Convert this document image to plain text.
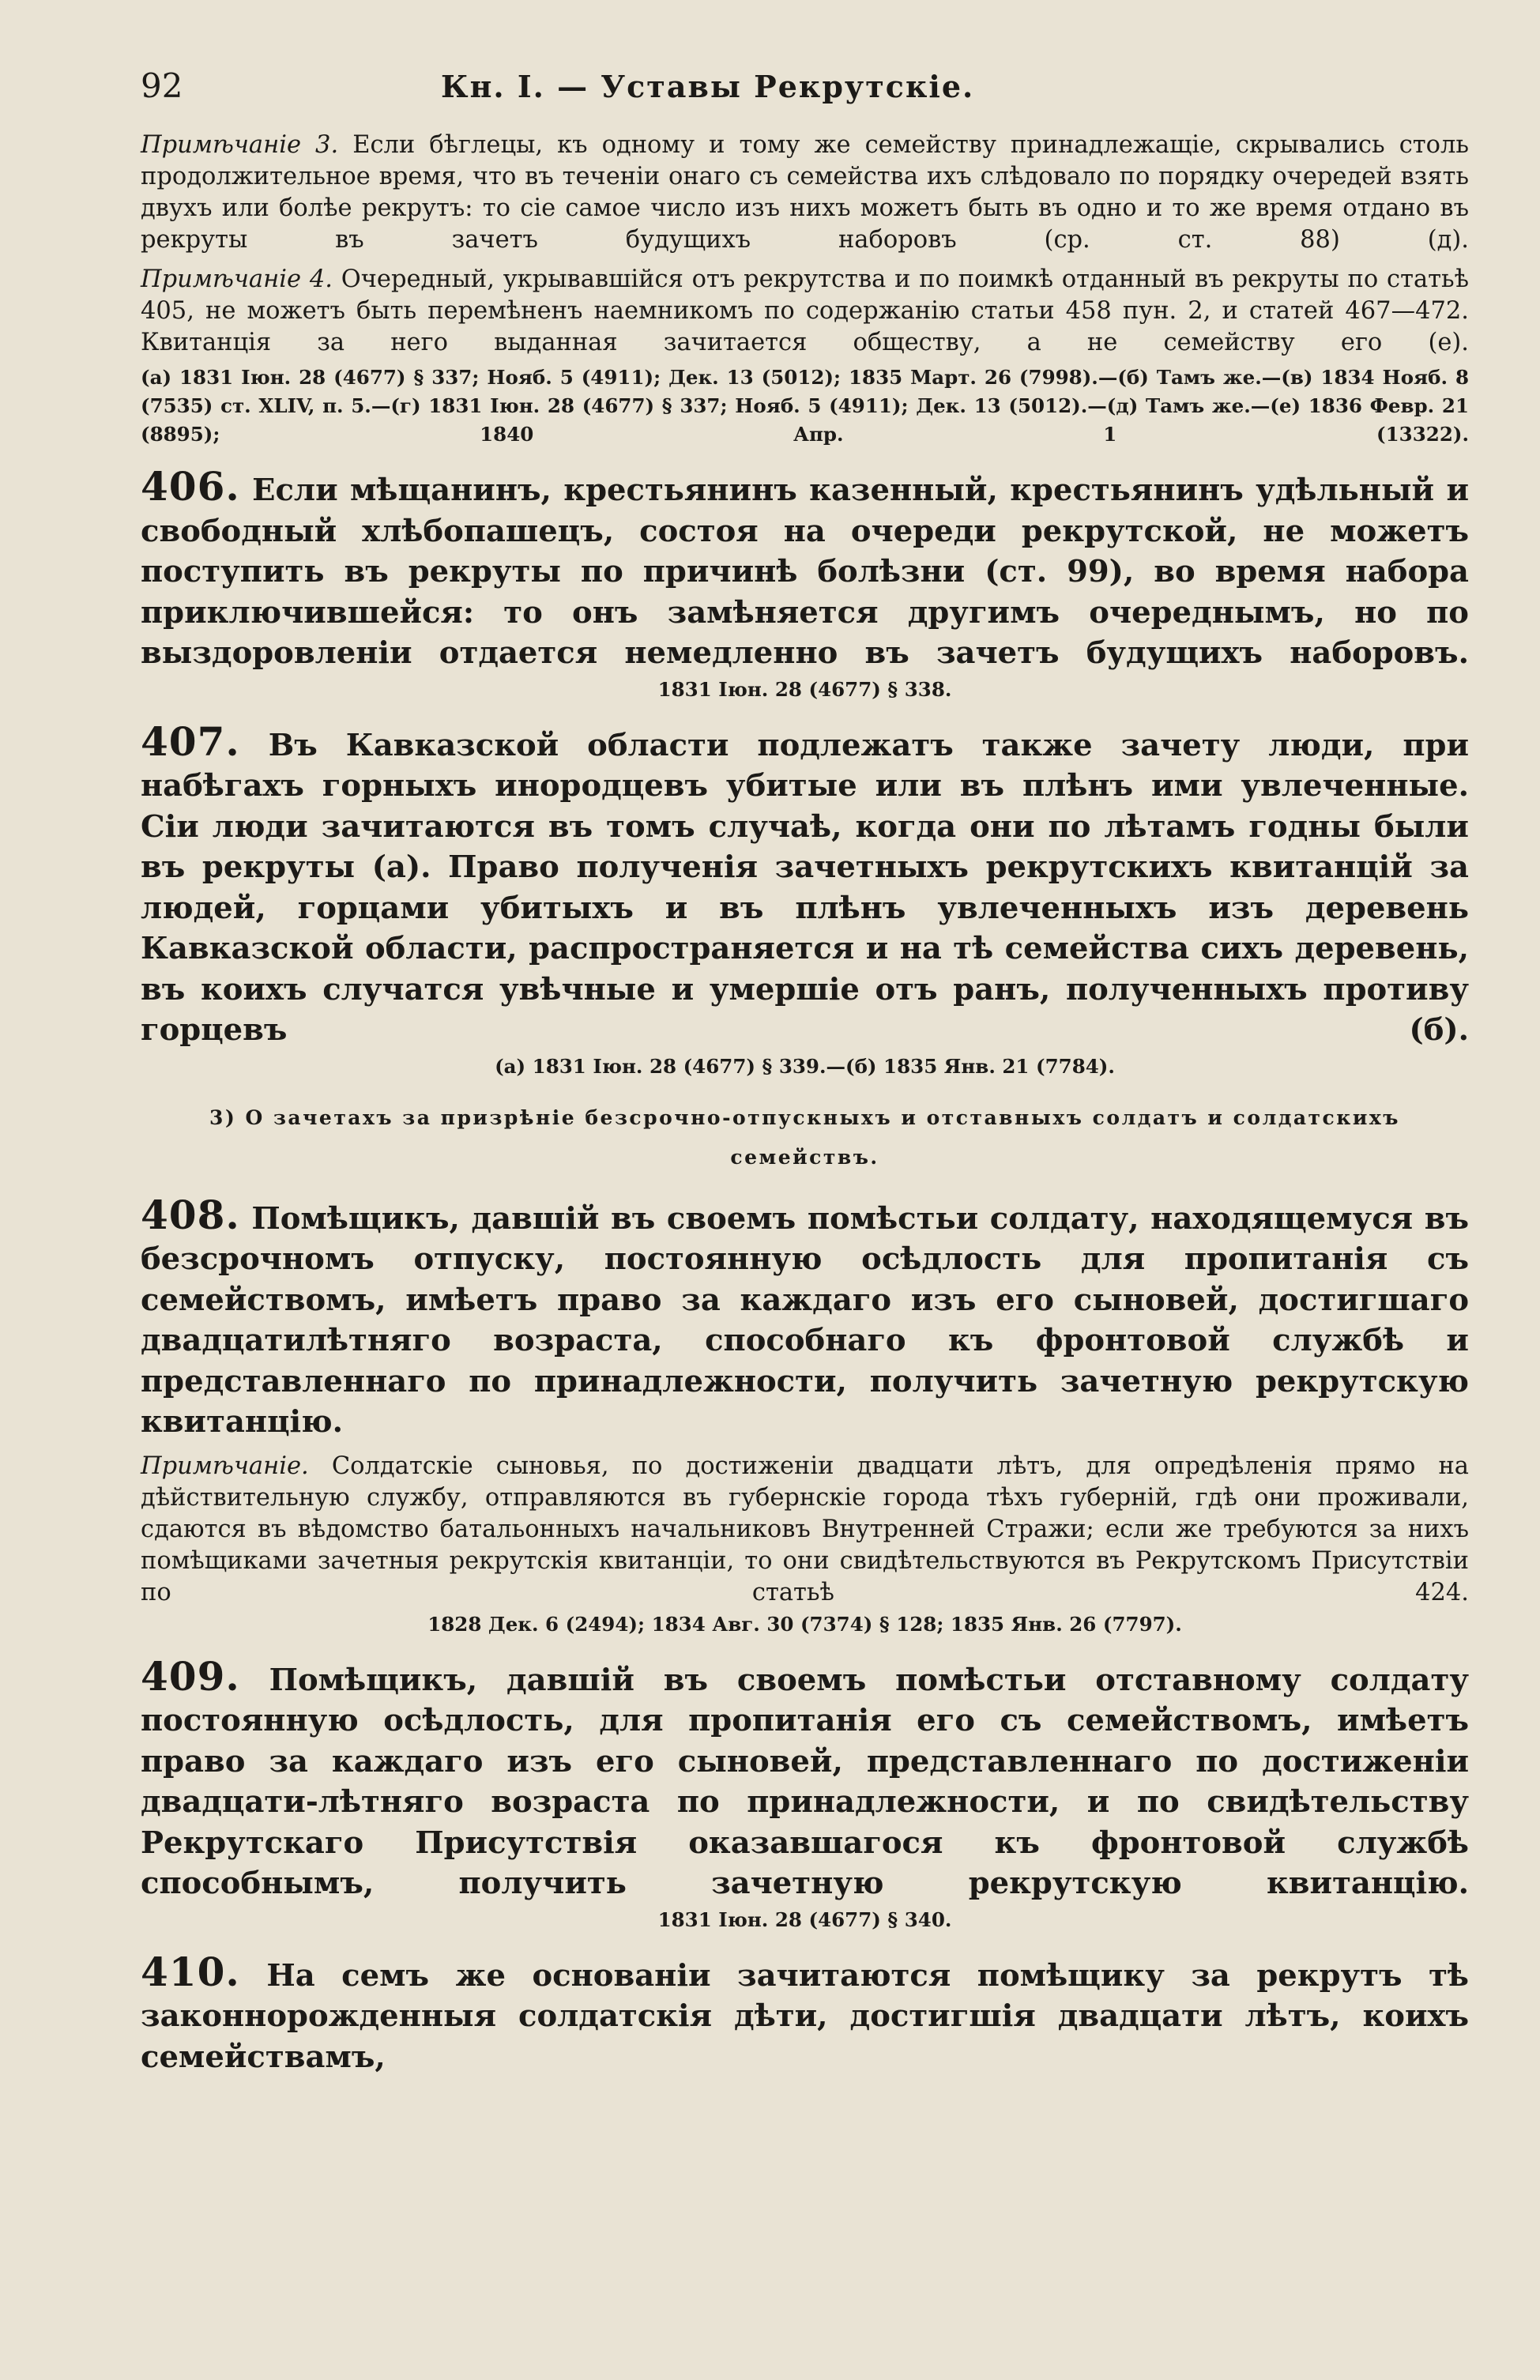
92	Кн. I. — Уставы Рекрутскiе.

Примѣчанiе 3. Если бѣглецы, къ одному и тому же семейству принадлежащiе, скрывались столь продолжительное время, что въ теченiи онаго съ семейства ихъ слѣдовало по порядку очередей взять двухъ или болѣе рекрутъ: то сiе самое число изъ нихъ можетъ быть въ одно и то же время отдано въ рекруты въ зачетъ будущихъ наборовъ (ср. ст. 88) (д).

Примѣчанiе 4. Очередный, укрывавшiйся отъ рекрутства и по поимкѣ отданный въ рекруты по статьѣ 405, не можетъ быть перемѣненъ наемникомъ по содержанiю статьи 458 пун. 2, и статей 467—472. Квитанцiя за него выданная зачитается обществу, а не семейству его (е).

(а) 1831 Iюн. 28 (4677) § 337; Нояб. 5 (4911); Дек. 13 (5012); 1835 Март. 26 (7998).—(б) Тамъ же.—(в) 1834 Нояб. 8 (7535) ст. XLIV, п. 5.—(г) 1831 Iюн. 28 (4677) § 337; Нояб. 5 (4911); Дек. 13 (5012).—(д) Тамъ же.—(е) 1836 Февр. 21 (8895); 1840 Апр. 1 (13322).

406. Если мѣщанинъ, крестьянинъ казенный, крестьянинъ удѣльный и свободный хлѣбопашецъ, состоя на очереди рекрутской, не можетъ поступить въ рекруты по причинѣ болѣзни (ст. 99), во время набора приключившейся: то онъ замѣняется другимъ очереднымъ, но по выздоровленiи отдается немедленно въ зачетъ будущихъ наборовъ.

1831 Iюн. 28 (4677) § 338.

407. Въ Кавказской области подлежатъ также зачету люди, при набѣгахъ горныхъ инородцевъ убитые или въ плѣнъ ими увлеченные. Сiи люди зачитаются въ томъ случаѣ, когда они по лѣтамъ годны были въ рекруты (а). Право полученiя зачетныхъ рекрутскихъ квитанцiй за людей, горцами убитыхъ и въ плѣнъ увлеченныхъ изъ деревень Кавказской области, распространяется и на тѣ семейства сихъ деревень, въ коихъ случатся увѣчные и умершiе отъ ранъ, полученныхъ противу горцевъ (б).

(а) 1831 Iюн. 28 (4677) § 339.—(б) 1835 Янв. 21 (7784).

3) О зачетахъ за призрѣнiе безсрочно-отпускныхъ и отставныхъ солдатъ и солдатскихъ семействъ.

408. Помѣщикъ, давшiй въ своемъ помѣстьи солдату, находящемуся въ безсрочномъ отпуску, постоянную осѣдлость для пропитанiя съ семействомъ, имѣетъ право за каждаго изъ его сыновей, достигшаго двадцатилѣтняго возраста, способнаго къ фронтовой службѣ и представленнаго по принадлежности, получить зачетную рекрутскую квитанцiю.

Примѣчанiе. Солдатскiе сыновья, по достиженiи двадцати лѣтъ, для опредѣленiя прямо на дѣйствительную службу, отправляются въ губернскiе города тѣхъ губернiй, гдѣ они проживали, сдаются въ вѣдомство батальонныхъ начальниковъ Внутренней Стражи; если же требуются за нихъ помѣщиками зачетныя рекрутскiя квитанцiи, то они свидѣтельствуются въ Рекрутскомъ Присутствiи по статьѣ 424.

1828 Дек. 6 (2494); 1834 Авг. 30 (7374) § 128; 1835 Янв. 26 (7797).

409. Помѣщикъ, давшiй въ своемъ помѣстьи отставному солдату постоянную осѣдлость, для пропитанiя его съ семействомъ, имѣетъ право за каждаго изъ его сыновей, представленнаго по достиженiи двадцати-лѣтняго возраста по принадлежности, и по свидѣтельству Рекрутскаго Присутствiя оказавшагося къ фронтовой службѣ способнымъ, получить зачетную рекрутскую квитанцiю.

1831 Iюн. 28 (4677) § 340.

410. На семъ же основанiи зачитаются помѣщику за рекрутъ тѣ законнорожденныя солдатскiя дѣти, достигшiя двадцати лѣтъ, коихъ семействамъ,
